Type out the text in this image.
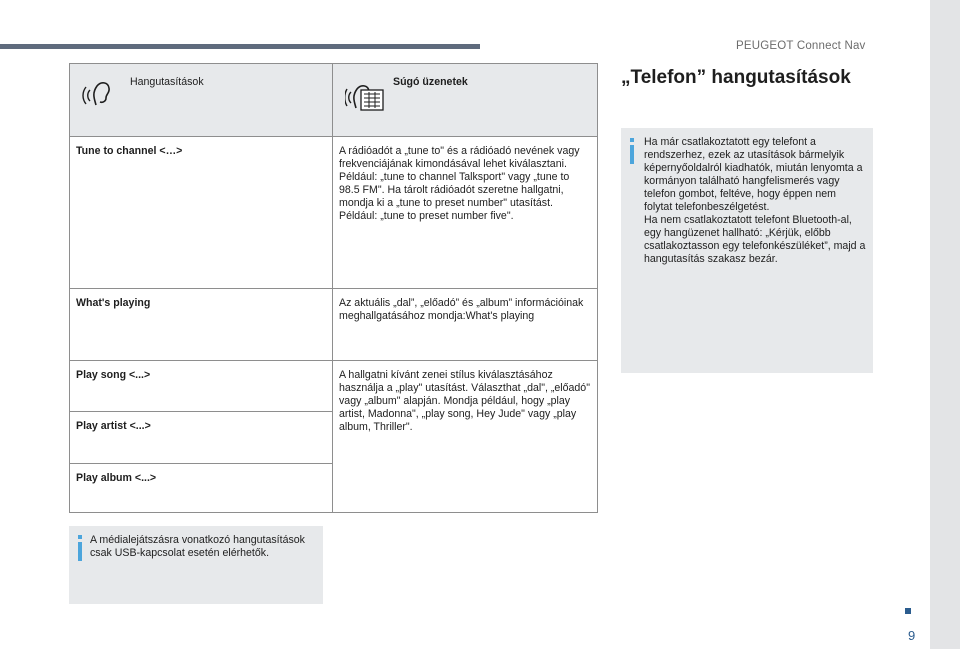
PEUGEOT Connect Nav
9
Hangutasítások	Súgó üzenetek

Tune to channel <…>	A rádióadót a „tune to" és a rádióadó nevének vagy frekvenciájának kimondásával lehet kiválasztani. Például: „tune to channel Talksport" vagy „tune to 98.5 FM". Ha tárolt rádióadót szeretne hallgatni, mondja ki a „tune to preset number" utasítást. Például: „tune to preset number five".
What's playing	Az aktuális „dal”, „előadó” és „album” információinak meghallgatásához mondja:What's playing
Play song <...>	A hallgatni kívánt zenei stílus kiválasztásához használja a „play" utasítást. Választhat „dal", „előadó" vagy „album" alapján. Mondja például, hogy „play artist, Madonna", „play song, Hey Jude" vagy „play album, Thriller".
Play artist <...>	
Play album <...>	
A médialejátszásra vonatkozó hangutasítások csak USB-kapcsolat esetén elérhetők.
„Telefon” hangutasítások
Ha már csatlakoztatott egy telefont a rendszerhez, ezek az utasítások bármelyik képernyőoldalról kiadhatók, miután lenyomta a kormányon található hangfelismerés vagy telefon gombot, feltéve, hogy éppen nem folytat telefonbeszélgetést.
Ha nem csatlakoztatott telefont Bluetooth-al, egy hangüzenet hallható: „Kérjük, előbb csatlakoztasson egy telefonkészüléket”, majd a hangutasítás szakasz bezár.
